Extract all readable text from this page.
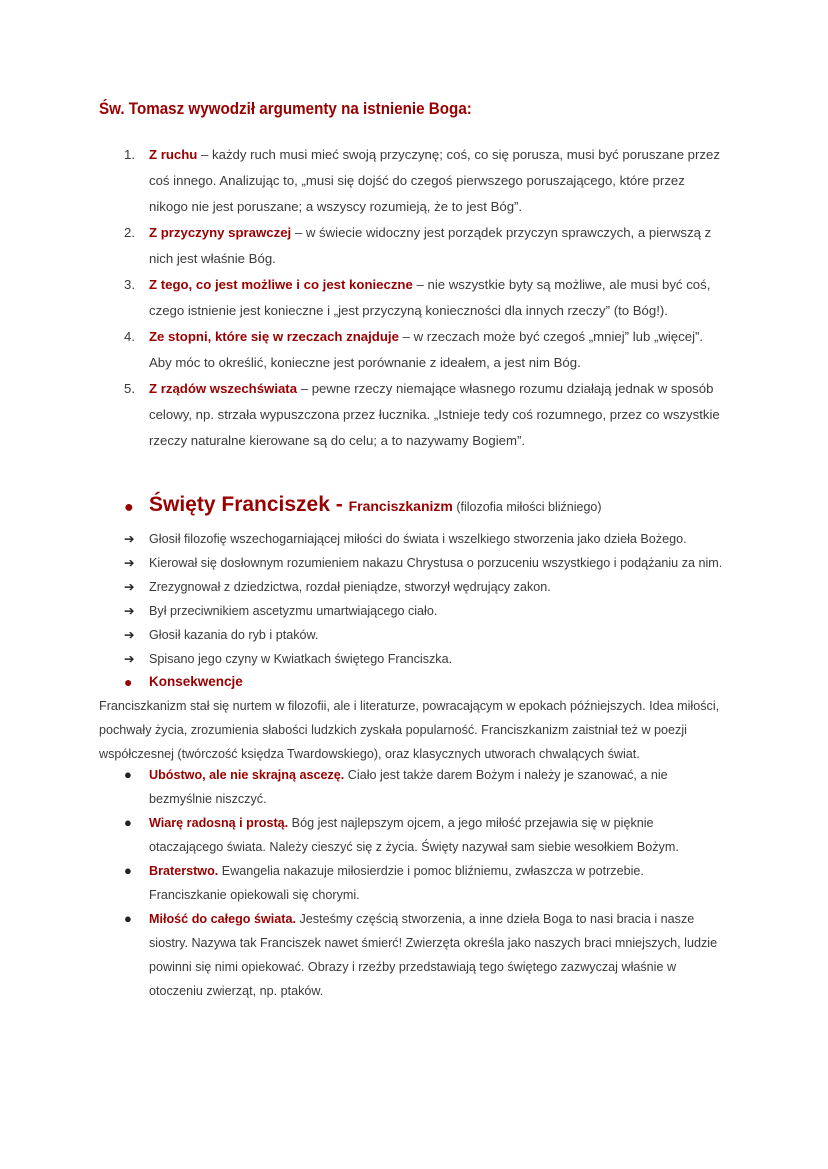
Św. Tomasz wywodził argumenty na istnienie Boga:
1. Z ruchu – każdy ruch musi mieć swoją przyczynę; coś, co się porusza, musi być poruszane przez coś innego. Analizując to, „musi się dojść do czegoś pierwszego poruszającego, które przez nikogo nie jest poruszane; a wszyscy rozumieją, że to jest Bóg”.
2. Z przyczyny sprawczej – w świecie widoczny jest porządek przyczyn sprawczych, a pierwszą z nich jest właśnie Bóg.
3. Z tego, co jest możliwe i co jest konieczne – nie wszystkie byty są możliwe, ale musi być coś, czego istnienie jest konieczne i „jest przyczyną konieczności dla innych rzeczy” (to Bóg!).
4. Ze stopni, które się w rzeczach znajduje – w rzeczach może być czegoś „mniej” lub „więcej”. Aby móc to określić, konieczne jest porównanie z ideałem, a jest nim Bóg.
5. Z rządów wszechświata – pewne rzeczy niemające własnego rozumu działają jednak w sposób celowy, np. strzała wypuszczona przez łucznika. „Istnieje tedy coś rozumnego, przez co wszystkie rzeczy naturalne kierowane są do celu; a to nazywamy Bogiem”.
● Święty Franciszek - Franciszkanizm (filozofia miłości bliźniego)
➔ Głosił filozofię wszechogarniającej miłości do świata i wszelkiego stworzenia jako dzieła Bożego.
➔ Kierował się dosłownym rozumieniem nakazu Chrystusa o porzuceniu wszystkiego i podążaniu za nim.
➔ Zrezygnował z dziedzictwa, rozdał pieniądze, stworzył wędrujący zakon.
➔ Był przeciwnikiem ascetyzmu umartwiającego ciało.
➔ Głosił kazania do ryb i ptaków.
➔ Spisano jego czyny w Kwiatkach świętego Franciszka.
● Konsekwencje
Franciszkanizm stał się nurtem w filozofii, ale i literaturze, powracającym w epokach późniejszych. Idea miłości, pochwały życia, zrozumienia słabości ludzkich zyskała popularność. Franciszkanizm zaistniał też w poezji współczesnej (twórczość księdza Twardowskiego), oraz klasycznych utworach chwalących świat.
● Ubóstwo, ale nie skrajną ascezę. Ciało jest także darem Bożym i należy je szanować, a nie bezmyślnie niszczyć.
● Wiarę radosną i prostą. Bóg jest najlepszym ojcem, a jego miłość przejawia się w pięknie otaczającego świata. Należy cieszyć się z życia. Święty nazywał sam siebie wesołkiem Bożym.
● Braterstwo. Ewangelia nakazuje miłosierdzie i pomoc bliźniemu, zwłaszcza w potrzebie. Franciszkanie opiekowali się chorymi.
● Miłość do całego świata. Jesteśmy częścią stworzenia, a inne dzieła Boga to nasi bracia i nasze siostry. Nazywa tak Franciszek nawet śmierć! Zwierzęta określa jako naszych braci mniejszych, ludzie powinni się nimi opiekować. Obrazy i rzeźby przedstawiają tego świętego zazwyczaj właśnie w otoczeniu zwierząt, np. ptaków.
